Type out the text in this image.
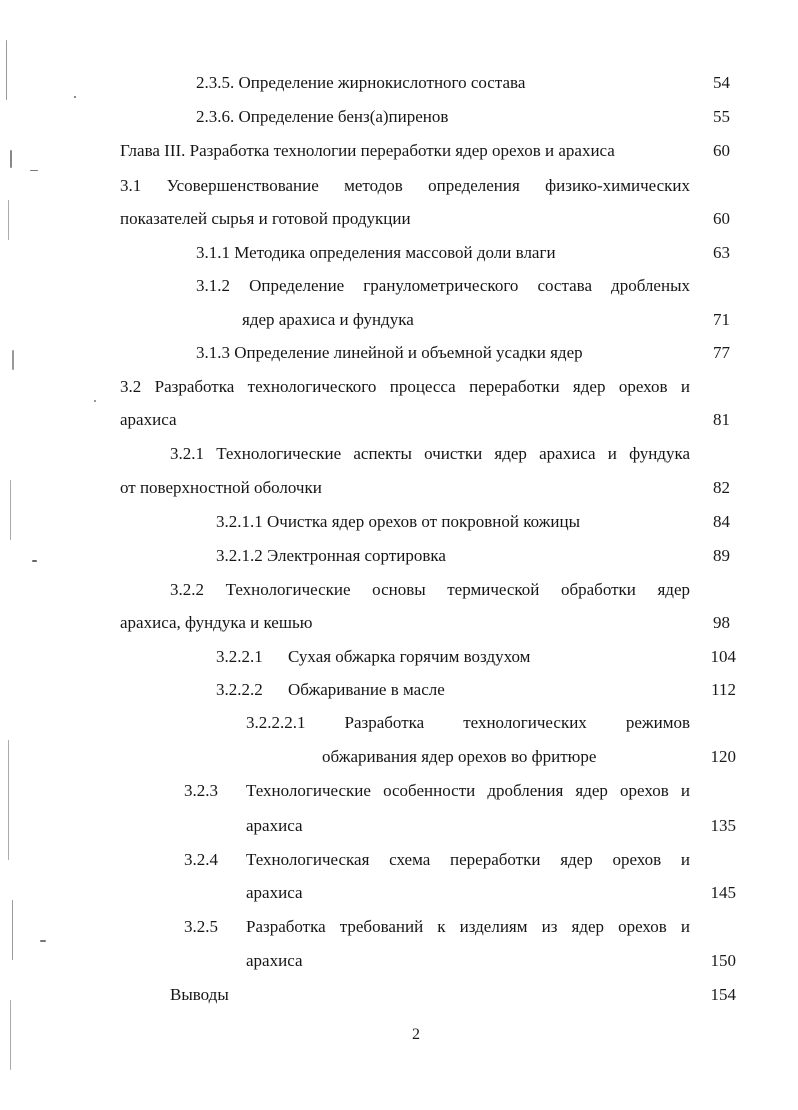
2.3.5. Определение жирнокислотного состава	54
2.3.6. Определение бенз(а)пиренов	55
Глава III. Разработка технологии переработки ядер орехов и арахиса	60
3.1 Усовершенствование методов определения физико-химических
показателей сырья и готовой продукции	60
3.1.1 Методика определения массовой доли влаги	63
3.1.2 Определение гранулометрического состава дробленых
ядер арахиса и фундука	71
3.1.3 Определение линейной и объемной усадки ядер	77
3.2 Разработка технологического процесса переработки ядер орехов и
арахиса	81
3.2.1 Технологические аспекты очистки ядер арахиса и фундука
от поверхностной оболочки	82
3.2.1.1 Очистка ядер орехов от покровной кожицы	84
3.2.1.2 Электронная сортировка	89
3.2.2 Технологические основы термической обработки ядер
арахиса, фундука и кешью	98
3.2.2.1 Сухая обжарка горячим воздухом	104
3.2.2.2 Обжаривание в масле	112
3.2.2.2.1 Разработка технологических режимов
обжаривания ядер орехов во фритюре	120
3.2.3 Технологические особенности дробления ядер орехов и
арахиса	135
3.2.4 Технологическая схема переработки ядер орехов и
арахиса	145
3.2.5 Разработка требований к изделиям из ядер орехов и
арахиса	150
Выводы	154
2
